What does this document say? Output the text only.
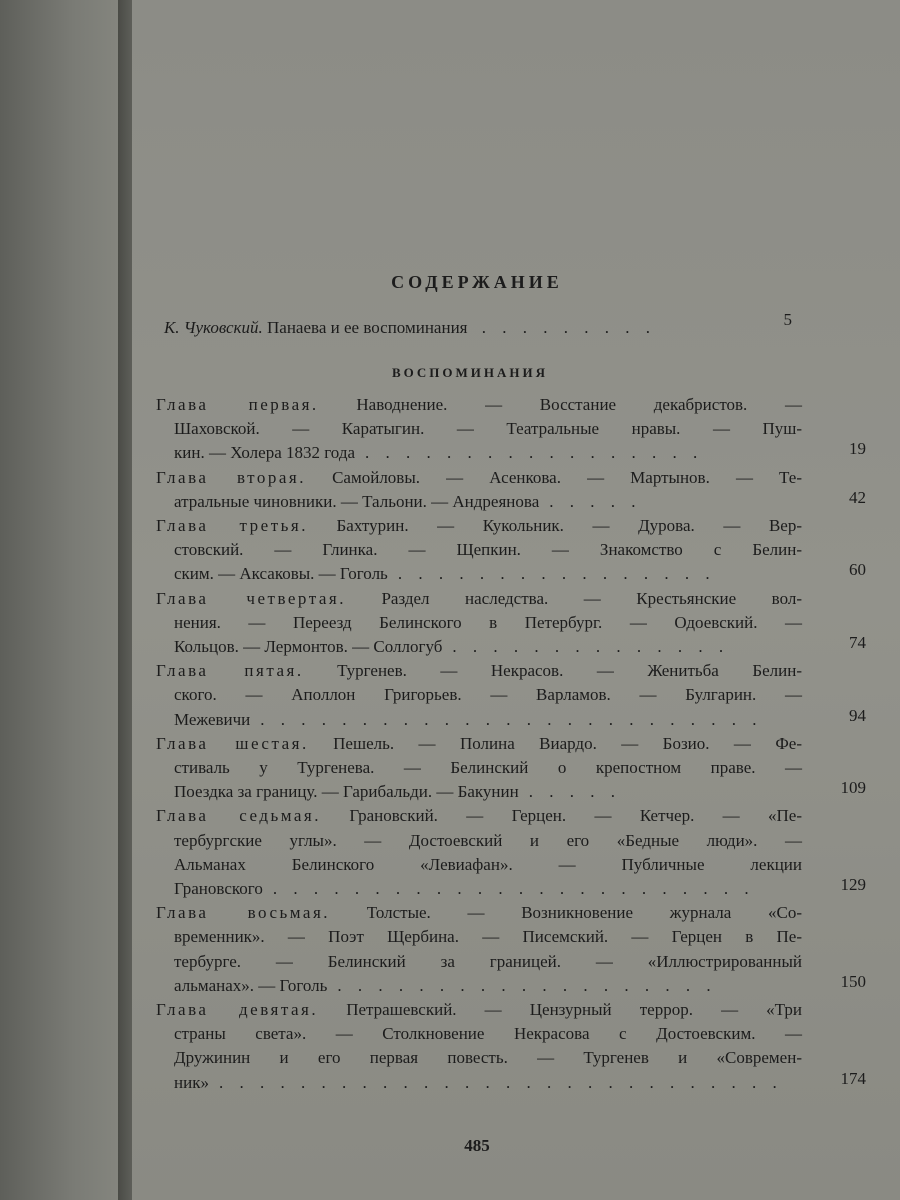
СОДЕРЖАНИЕ
К. Чуковский. Панаева и ее воспоминания . . . . . . . . .	5
ВОСПОМИНАНИЯ
Глава первая. Наводнение. — Восстание декабристов. —
Шаховской. — Каратыгин. — Театральные нравы. — Пуш-
кин. — Холера 1832 года . . . . . . . . . . . . . . . . .	19
Глава вторая. Самойловы. — Асенкова. — Мартынов. — Те-
атральные чиновники. — Тальони. — Андреянова . . . . .	42
Глава третья. Бахтурин. — Кукольник. — Дурова. — Вер-
стовский. — Глинка. — Щепкин. — Знакомство с Белин-
ским. — Аксаковы. — Гоголь . . . . . . . . . . . . . . . .	60
Глава четвертая. Раздел наследства. — Крестьянские вол-
нения. — Переезд Белинского в Петербург. — Одоевский. —
Кольцов. — Лермонтов. — Соллогуб . . . . . . . . . . . . . .	74
Глава пятая. Тургенев. — Некрасов. — Женитьба Белин-
ского. — Аполлон Григорьев. — Варламов. — Булгарин. —
Межевичи . . . . . . . . . . . . . . . . . . . . . . . . .	94
Глава шестая. Пешель. — Полина Виардо. — Бозио. — Фе-
стиваль у Тургенева. — Белинский о крепостном праве. —
Поездка за границу. — Гарибальди. — Бакунин . . . . .	109
Глава седьмая. Грановский. — Герцен. — Кетчер. — «Пе-
тербургские углы». — Достоевский и его «Бедные люди». —
Альманах Белинского «Левиафан». — Публичные лекции
Грановского . . . . . . . . . . . . . . . . . . . . . . . .	129
Глава восьмая. Толстые. — Возникновение журнала «Со-
временник». — Поэт Щербина. — Писемский. — Герцен в Пе-
тербурге. — Белинский за границей. — «Иллюстрированный
альманах». — Гоголь . . . . . . . . . . . . . . . . . . .	150
Глава девятая. Петрашевский. — Цензурный террор. — «Три
страны света». — Столкновение Некрасова с Достоевским. —
Дружинин и его первая повесть. — Тургенев и «Современ-
ник» . . . . . . . . . . . . . . . . . . . . . . . . . . . .	174
485
